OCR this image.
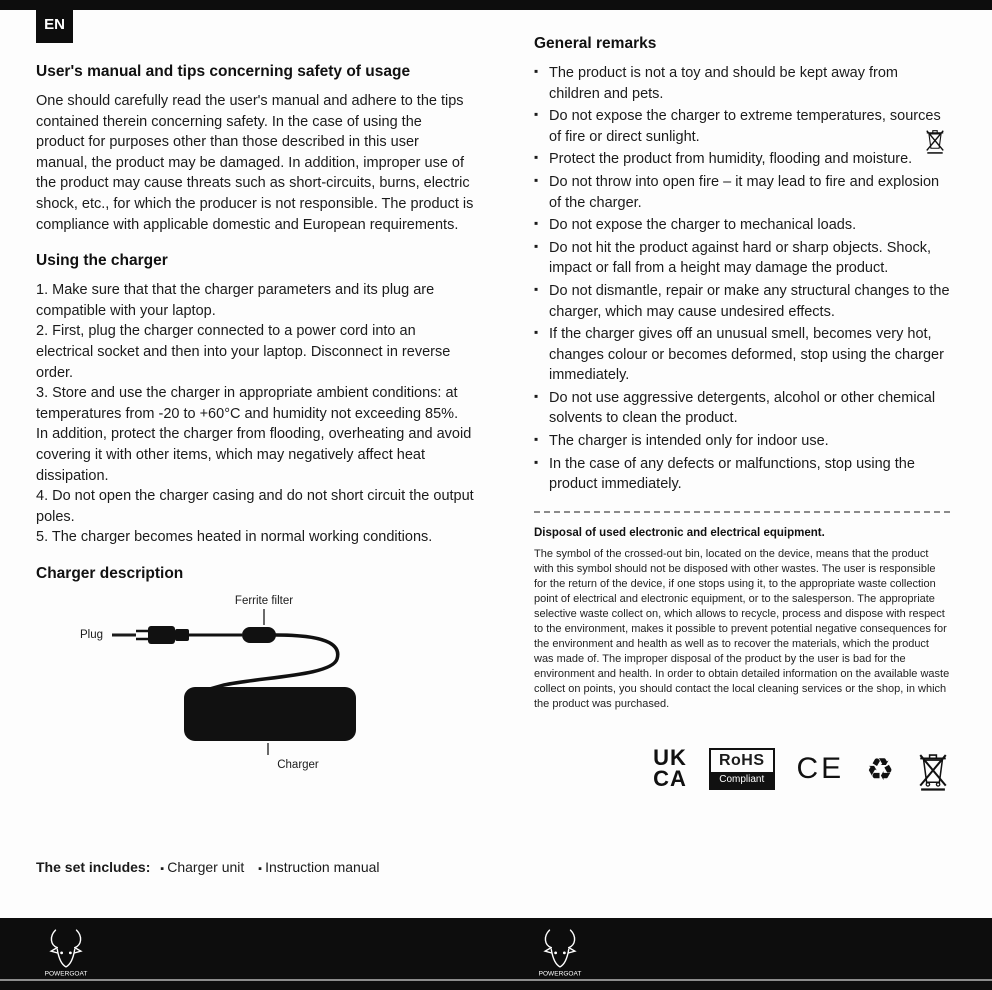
EN
User's manual and tips concerning safety of usage

One should carefully read the user's manual and adhere to the tips contained therein concerning safety. In the case of using the product for purposes other than those described in this user manual, the product may be damaged. In addition, improper use of the product may cause threats such as short-circuits, burns, electric shock, etc., for which the producer is not responsible. The product is compliance with applicable domestic and European requirements.

Using the charger

1. Make sure that that the charger parameters and its plug are compatible with your laptop.

2. First, plug the charger connected to a power cord into an electrical socket and then into your laptop. Disconnect in reverse order.

3. Store and use the charger in appropriate ambient conditions: at temperatures from -20 to +60°C and humidity not exceeding 85%. In addition, protect the charger from flooding, overheating and avoid covering it with other items, which may negatively affect heat dissipation.

4. Do not open the charger casing and do not short circuit the output poles.

5. The charger becomes heated in normal working conditions.

Charger description
Ferrite filter
Plug
Charger
The set includes: ▪ Charger unit ▪ Instruction manual
General remarks
▪ The product is not a toy and should be kept away from children and pets.
▪ Do not expose the charger to extreme temperatures, sources of fire or direct sunlight.
▪ Protect the product from humidity, flooding and moisture.
▪ Do not throw into open fire – it may lead to fire and explosion of the charger.
▪ Do not expose the charger to mechanical loads.
▪ Do not hit the product against hard or sharp objects. Shock, impact or fall from a height may damage the product.
▪ Do not dismantle, repair or make any structural changes to the charger, which may cause undesired effects.
▪ If the charger gives off an unusual smell, becomes very hot, changes colour or becomes deformed, stop using the charger immediately.
▪ Do not use aggressive detergents, alcohol or other chemical solvents to clean the product.
▪ The charger is intended only for indoor use.
▪ In the case of any defects or malfunctions, stop using the product immediately.
Disposal of used electronic and electrical equipment.

The symbol of the crossed-out bin, located on the device, means that the product with this symbol should not be disposed with other wastes. The user is responsible for the return of the device, if one stops using it, to the appropriate waste collection point of electrical and electronic equipment, or to the salesperson. The appropriate selective waste collect on, which allows to recycle, process and dispose with respect to the environment, makes it possible to prevent potential negative consequences for the environment and health as well as to recover the materials, which the product was made of. The improper disposal of the product by the user is bad for the environment and health. In order to obtain detailed information on the available waste collect on points, you should contact the local cleaning services or the shop, in which the product was purchased.

UK
CA
RoHS
Compliant CE ♻
POWERGOAT	POWERGOAT
